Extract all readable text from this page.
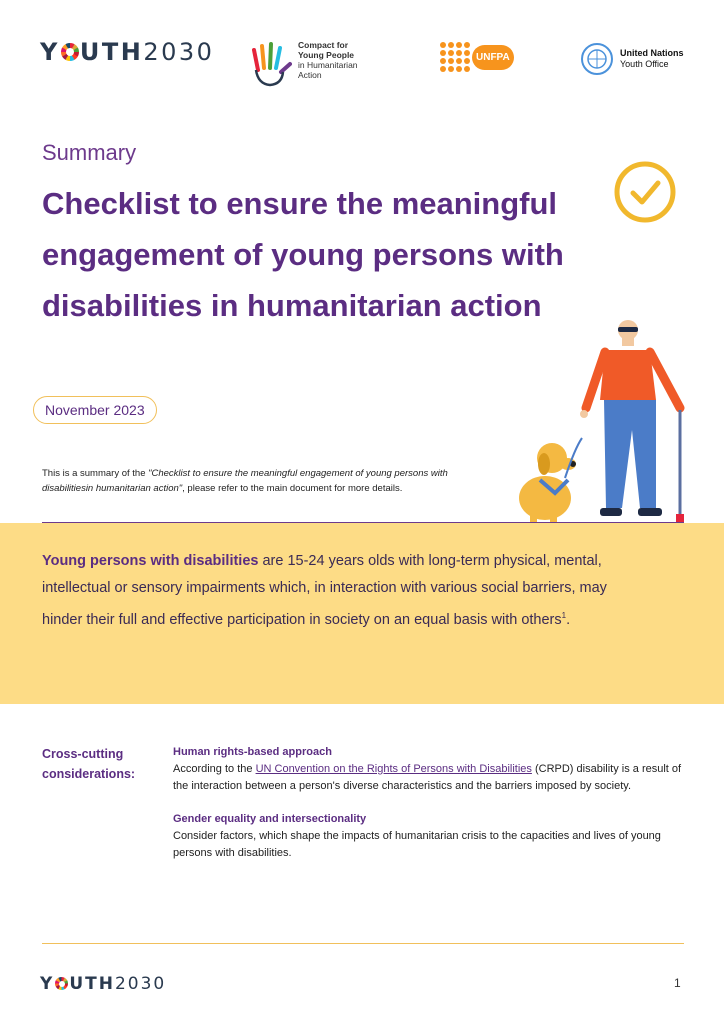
Y UTH2030	Compact for
Young People
in Humanitarian
Action
UNFPA	United Nations
Youth Office
Summary
Checklist to ensure the meaningful engagement of young persons with disabilities in humanitarian action
November 2023
This is a summary of the "Checklist to ensure the meaningful engagement of young persons with disabilitiesin humanitarian action", please refer to the main document for more details.

Young persons with disabilities are 15-24 years olds with long-term physical, mental, intellectual or sensory impairments which, in interaction with various social barriers, may hinder their full and effective participation in society on an equal basis with others$^1$.

Cross-cutting considerations:
Human rights-based approach

According to the UN Convention on the Rights of Persons with Disabilities (CRPD) disability is a result of the interaction between a person's diverse characteristics and the barriers imposed by society.

Gender equality and intersectionality

Consider factors, which shape the impacts of humanitarian crisis to the capacities and lives of young persons with disabilities.

Y UTH2030	1
